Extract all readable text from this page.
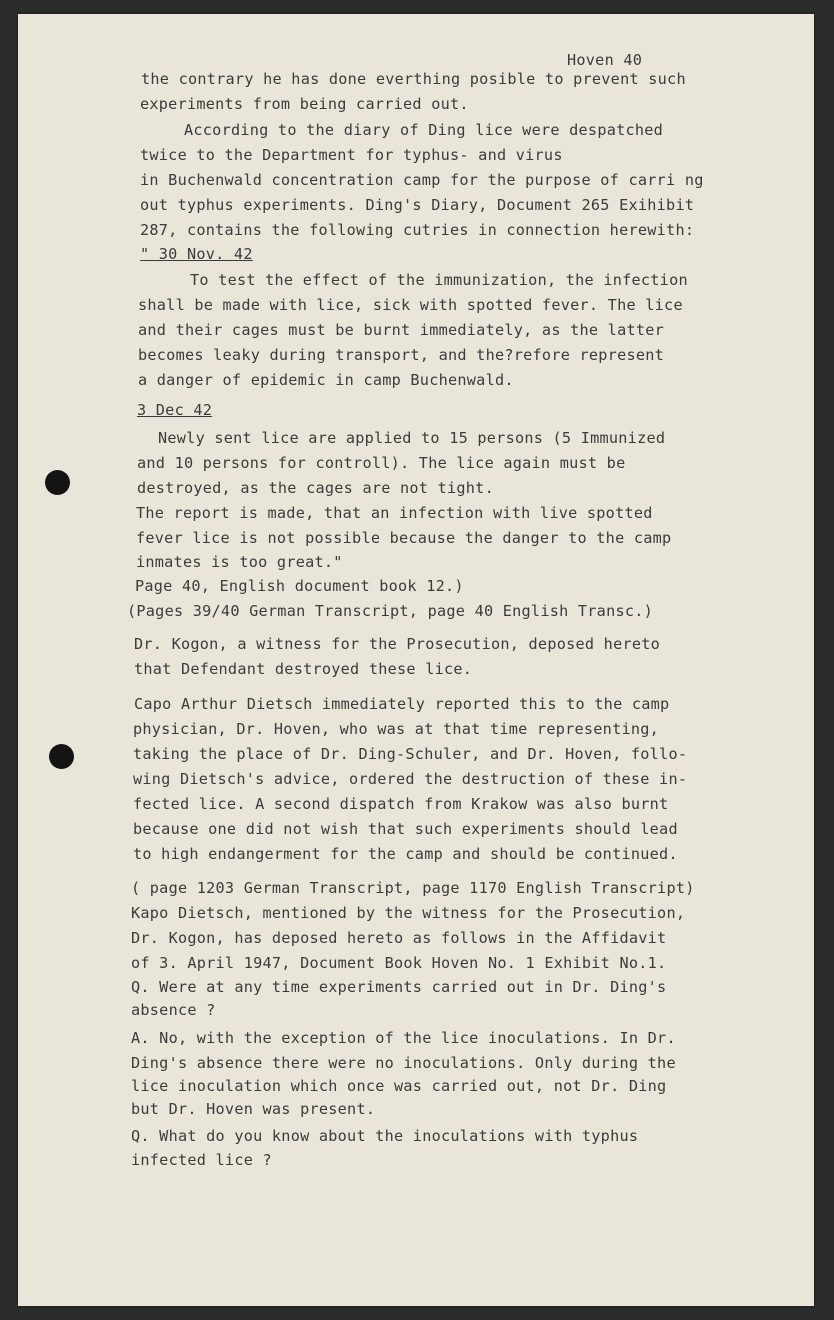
Hoven 40
the contrary he has done everthing posible to prevent such
experiments from being carried out.
According to the diary of Ding lice were despatched
twice to the Department for typhus- and virus
in Buchenwald concentration camp for the purpose of carri ng
out typhus experiments. Ding's Diary, Document 265 Exihibit
287, contains the following cutries in connection herewith:
" 30 Nov. 42
To test the effect of the immunization, the infection
shall be made with lice, sick with spotted fever. The lice
and their cages must be burnt immediately, as the latter
becomes leaky during transport, and the?refore represent
a danger of epidemic in camp Buchenwald.
3 Dec 42
Newly sent lice are applied to 15 persons (5 Immunized
and 10 persons for controll). The lice again must be
destroyed, as the cages are not tight.
The report is made, that an infection with live spotted
fever lice is not possible because the danger to the camp
inmates is too great."
Page 40, English document book 12.)
(Pages 39/40 German Transcript, page 40 English Transc.)
Dr. Kogon, a witness for the Prosecution, deposed hereto
that Defendant destroyed these lice.
Capo Arthur Dietsch immediately reported this to the camp
physician, Dr. Hoven, who was at that time representing,
taking the place of Dr. Ding-Schuler, and Dr. Hoven, follo-
wing Dietsch's advice, ordered the destruction of these in-
fected lice. A second dispatch from Krakow was also burnt
because one did not wish that such experiments should lead
to high endangerment for the camp and should be continued.
( page 1203 German Transcript, page 1170 English Transcript)
Kapo Dietsch, mentioned by the witness for the Prosecution,
Dr. Kogon, has deposed hereto as follows in the Affidavit
of 3. April 1947, Document Book Hoven No. 1 Exhibit No.1.
Q. Were at any time experiments carried out in Dr. Ding's
absence ?
A. No, with the exception of the lice inoculations. In Dr.
Ding's absence there were no inoculations. Only during the
lice inoculation which once was carried out, not Dr. Ding
but Dr. Hoven was present.
Q. What do you know about the inoculations with typhus
infected lice ?
